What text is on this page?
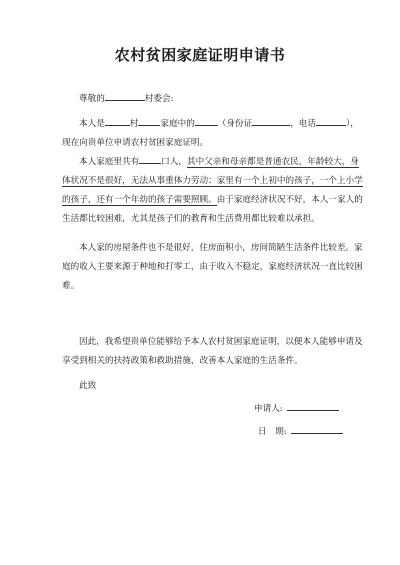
农村贫困家庭证明申请书
尊敬的	村委会:
本人是	村	家庭中的	（身份证	，电话	），
现在向贵单位申请农村贫困家庭证明。
本人家庭里共有	口人，其中父亲和母亲都是普通农民，年龄较大，身
体状况不是很好，无法从事重体力劳动；家里有一个上初中的孩子，一个上小学
的孩子，还有一个年幼的孩子需要照顾。由于家庭经济状况不好，本人一家人的
生活都比较困难，尤其是孩子们的教育和生活费用都比较难以承担。
本人家的房屋条件也不是很好，住房面积小，房间简陋生活条件比较差。家
庭的收入主要来源于种地和打零工，由于收入不稳定，家庭经济状况一直比较困
难。
因此，我希望贵单位能够给予本人农村贫困家庭证明，以便本人能够申请及
享受到相关的扶持政策和救助措施，改善本人家庭的生活条件。
此致
申请人:
日　期:
